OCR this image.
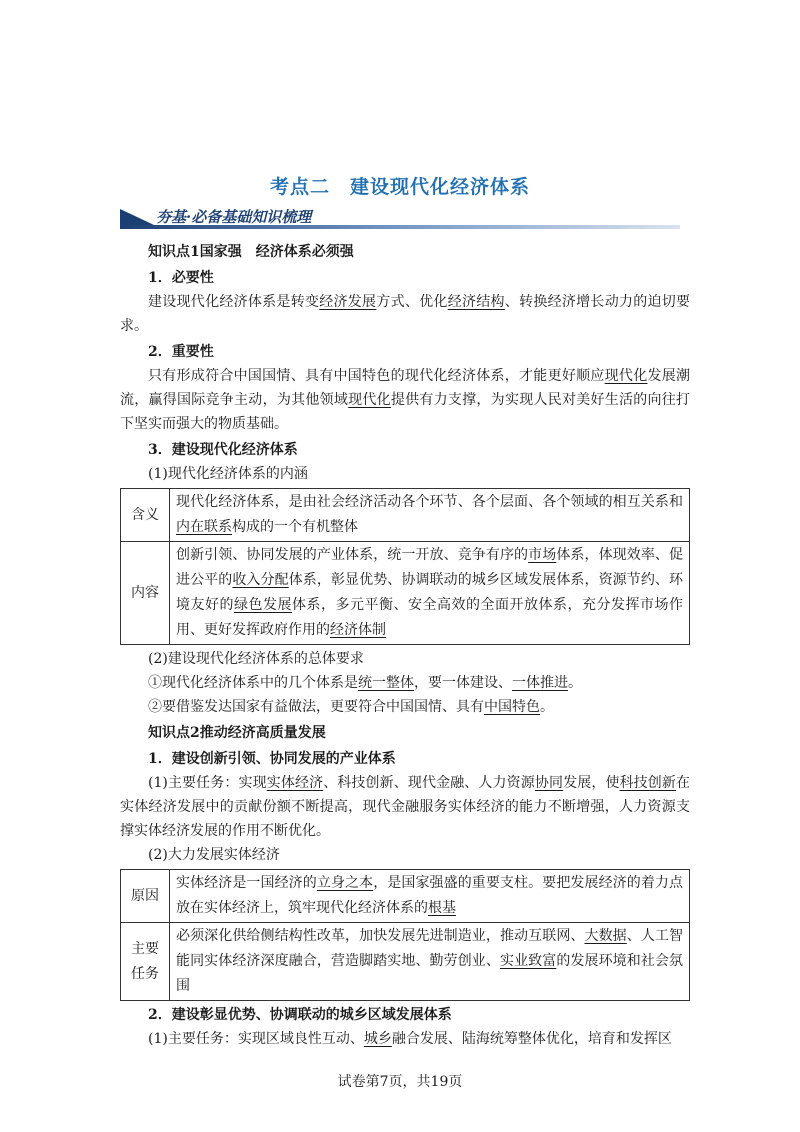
考点二　建设现代化经济体系
夯基·必备基础知识梳理

知识点1国家强　经济体系必须强

1．必要性

建设现代化经济体系是转变经济发展方式、优化经济结构、转换经济增长动力的迫切要求。

2．重要性

只有形成符合中国国情、具有中国特色的现代化经济体系，才能更好顺应现代化发展潮流，赢得国际竞争主动，为其他领域现代化提供有力支撑，为实现人民对美好生活的向往打下坚实而强大的物质基础。

3．建设现代化经济体系

(1)现代化经济体系的内涵

含义	现代化经济体系，是由社会经济活动各个环节、各个层面、各个领域的相互关系和内在联系构成的一个有机整体
内容	创新引领、协同发展的产业体系，统一开放、竞争有序的市场体系，体现效率、促进公平的收入分配体系，彰显优势、协调联动的城乡区域发展体系，资源节约、环境友好的绿色发展体系，多元平衡、安全高效的全面开放体系，充分发挥市场作用、更好发挥政府作用的经济体制

(2)建设现代化经济体系的总体要求

①现代化经济体系中的几个体系是统一整体，要一体建设、一体推进。

②要借鉴发达国家有益做法，更要符合中国国情、具有中国特色。

知识点2推动经济高质量发展

1．建设创新引领、协同发展的产业体系

(1)主要任务：实现实体经济、科技创新、现代金融、人力资源协同发展，使科技创新在实体经济发展中的贡献份额不断提高，现代金融服务实体经济的能力不断增强，人力资源支撑实体经济发展的作用不断优化。

(2)大力发展实体经济

原因	实体经济是一国经济的立身之本，是国家强盛的重要支柱。要把发展经济的着力点放在实体经济上，筑牢现代化经济体系的根基
主要任务	必须深化供给侧结构性改革，加快发展先进制造业，推动互联网、大数据、人工智能同实体经济深度融合，营造脚踏实地、勤劳创业、实业致富的发展环境和社会氛围

2．建设彰显优势、协调联动的城乡区域发展体系

(1)主要任务：实现区域良性互动、城乡融合发展、陆海统筹整体优化，培育和发挥区

试卷第7页，共19页
